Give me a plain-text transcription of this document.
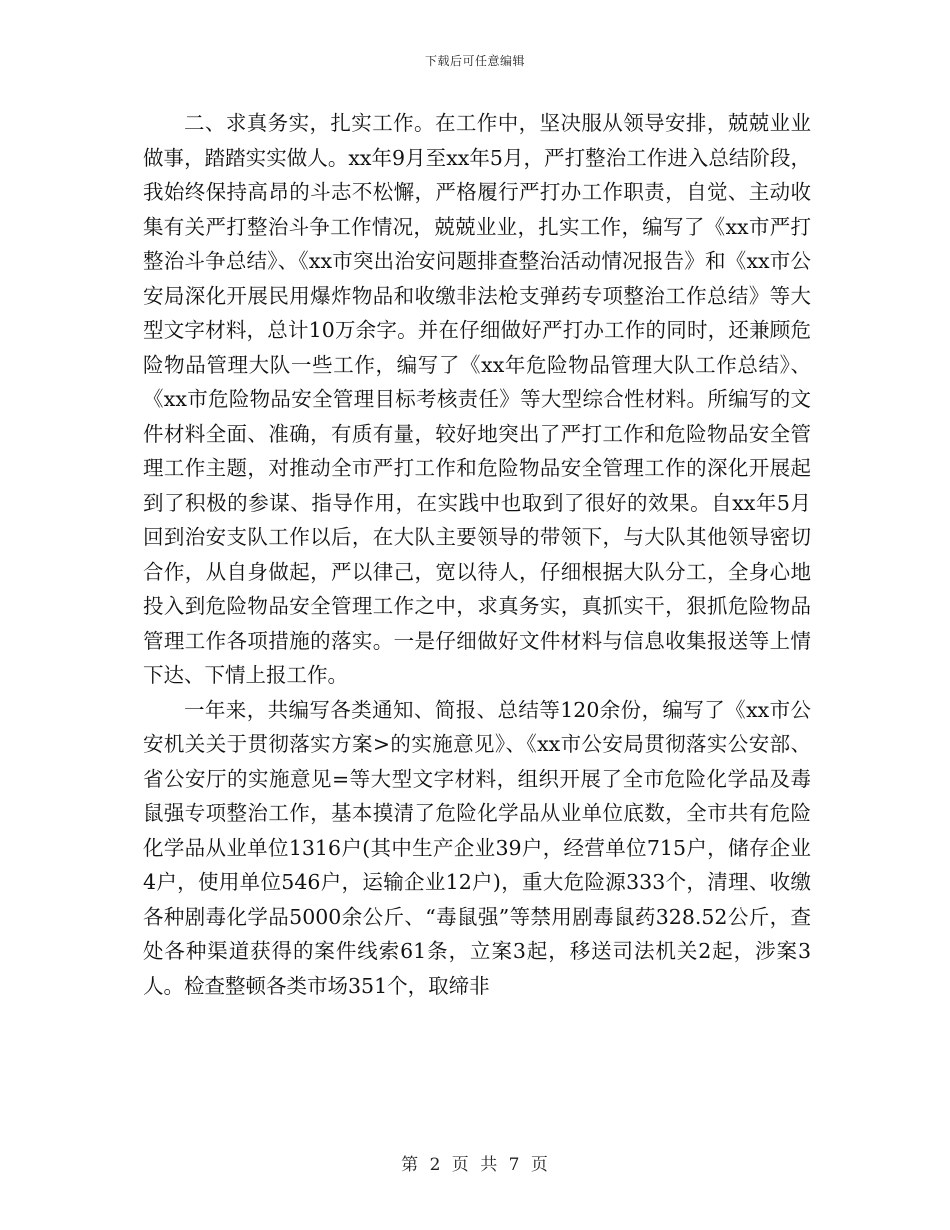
下载后可任意编辑

二、求真务实，扎实工作。在工作中，坚决服从领导安排，兢兢业业做事，踏踏实实做人。xx年9月至xx年5月，严打整治工作进入总结阶段，我始终保持高昂的斗志不松懈，严格履行严打办工作职责，自觉、主动收集有关严打整治斗争工作情况，兢兢业业，扎实工作，编写了《xx市严打整治斗争总结》、《xx市突出治安问题排查整治活动情况报告》和《xx市公安局深化开展民用爆炸物品和收缴非法枪支弹药专项整治工作总结》等大型文字材料，总计10万余字。并在仔细做好严打办工作的同时，还兼顾危险物品管理大队一些工作，编写了《xx年危险物品管理大队工作总结》、《xx市危险物品安全管理目标考核责任》等大型综合性材料。所编写的文件材料全面、准确，有质有量，较好地突出了严打工作和危险物品安全管理工作主题，对推动全市严打工作和危险物品安全管理工作的深化开展起到了积极的参谋、指导作用，在实践中也取到了很好的效果。自xx年5月回到治安支队工作以后，在大队主要领导的带领下，与大队其他领导密切合作，从自身做起，严以律己，宽以待人，仔细根据大队分工，全身心地投入到危险物品安全管理工作之中，求真务实，真抓实干，狠抓危险物品管理工作各项措施的落实。一是仔细做好文件材料与信息收集报送等上情下达、下情上报工作。

一年来，共编写各类通知、简报、总结等120余份，编写了《xx市公安机关关于贯彻落实方案>的实施意见》、《xx市公安局贯彻落实公安部、省公安厅的实施意见=等大型文字材料，组织开展了全市危险化学品及毒鼠强专项整治工作，基本摸清了危险化学品从业单位底数，全市共有危险化学品从业单位1316户(其中生产企业39户，经营单位715户，储存企业4户，使用单位546户，运输企业12户)，重大危险源333个，清理、收缴各种剧毒化学品5000余公斤、“毒鼠强”等禁用剧毒鼠药328.52公斤，查处各种渠道获得的案件线索61条，立案3起，移送司法机关2起，涉案3人。检查整顿各类市场351个，取缔非

第 2 页 共 7 页
